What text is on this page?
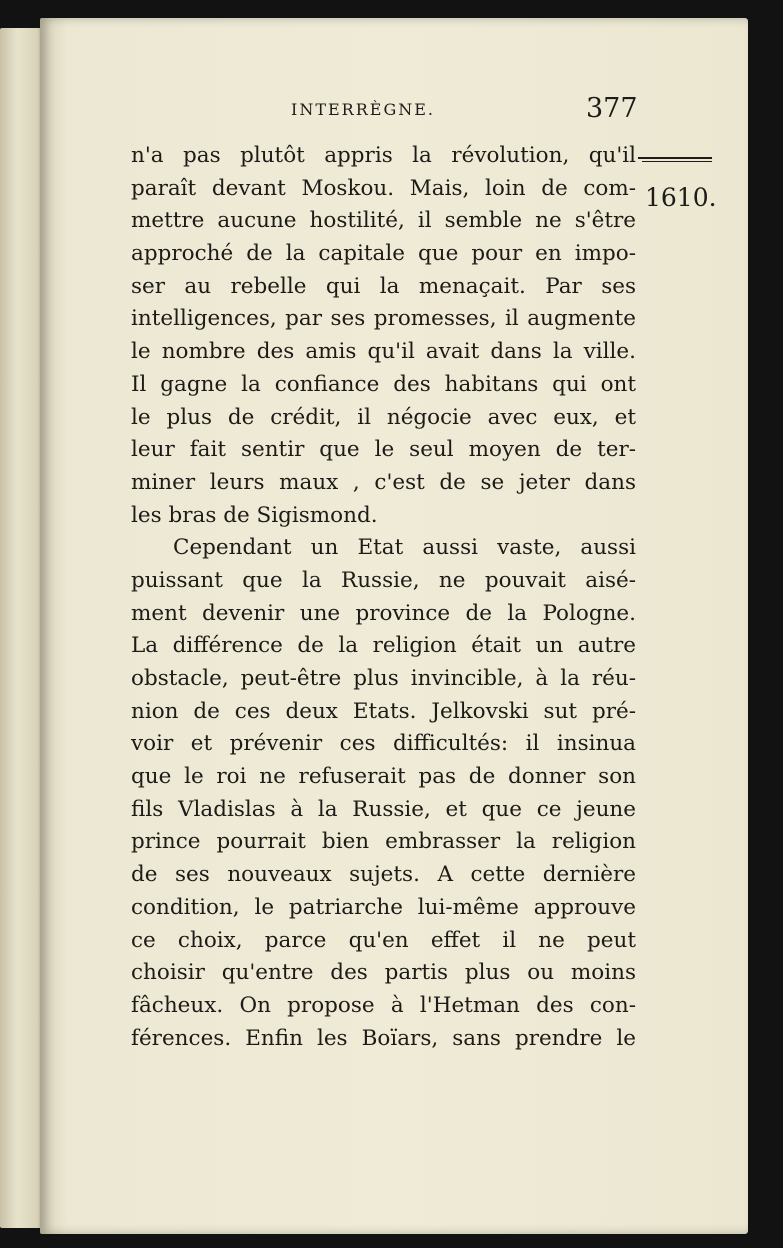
INTERRÈGNE.	377
1610.
n'a pas plutôt appris la révolution, qu'il
paraît devant Moskou. Mais, loin de com-
mettre aucune hostilité, il semble ne s'être
approché de la capitale que pour en impo-
ser au rebelle qui la menaçait. Par ses
intelligences, par ses promesses, il augmente
le nombre des amis qu'il avait dans la ville.
Il gagne la confiance des habitans qui ont
le plus de crédit, il négocie avec eux, et
leur fait sentir que le seul moyen de ter-
miner leurs maux , c'est de se jeter dans
les bras de Sigismond.
Cependant un Etat aussi vaste, aussi
puissant que la Russie, ne pouvait aisé-
ment devenir une province de la Pologne.
La différence de la religion était un autre
obstacle, peut-être plus invincible, à la réu-
nion de ces deux Etats. Jelkovski sut pré-
voir et prévenir ces difficultés: il insinua
que le roi ne refuserait pas de donner son
fils Vladislas à la Russie, et que ce jeune
prince pourrait bien embrasser la religion
de ses nouveaux sujets. A cette dernière
condition, le patriarche lui-même approuve
ce choix, parce qu'en effet il ne peut
choisir qu'entre des partis plus ou moins
fâcheux. On propose à l'Hetman des con-
férences. Enfin les Boïars, sans prendre le
